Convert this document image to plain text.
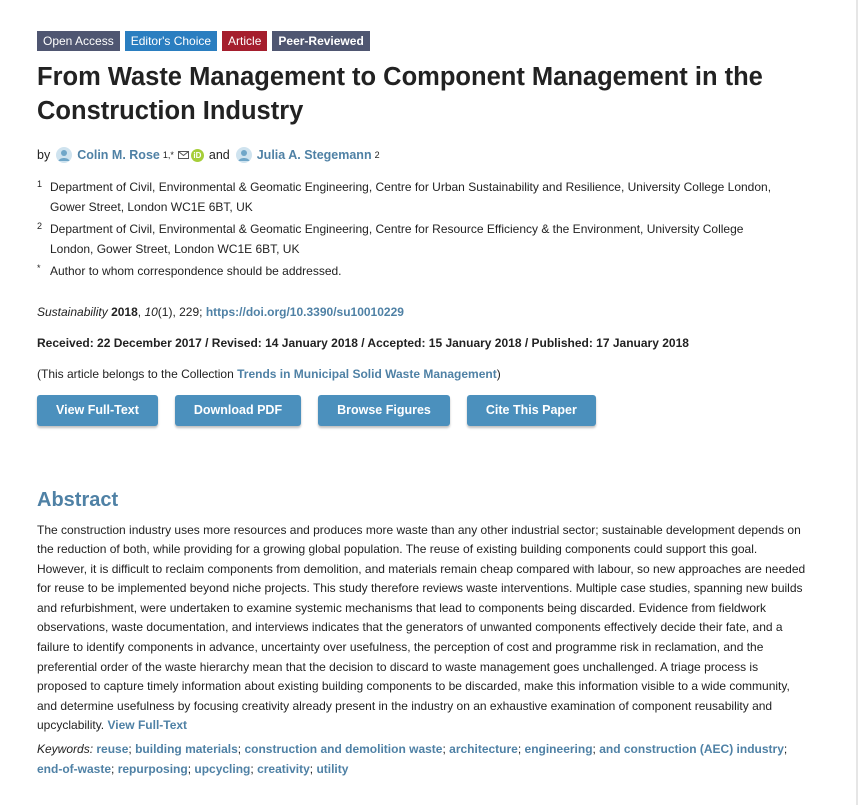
Open Access	Editor's Choice	Article	Peer-Reviewed
From Waste Management to Component Management in the Construction Industry
by Colin M. Rose 1,*	iD and Julia A. Stegemann 2
1 Department of Civil, Environmental & Geomatic Engineering, Centre for Urban Sustainability and Resilience, University College London, Gower Street, London WC1E 6BT, UK
2 Department of Civil, Environmental & Geomatic Engineering, Centre for Resource Efficiency & the Environment, University College London, Gower Street, London WC1E 6BT, UK
* Author to whom correspondence should be addressed.
Sustainability 2018, 10(1), 229; https://doi.org/10.3390/su10010229
Received: 22 December 2017 / Revised: 14 January 2018 / Accepted: 15 January 2018 / Published: 17 January 2018
(This article belongs to the Collection Trends in Municipal Solid Waste Management)
View Full-Text	Download PDF	Browse Figures	Cite This Paper
Abstract
The construction industry uses more resources and produces more waste than any other industrial sector; sustainable development depends on the reduction of both, while providing for a growing global population. The reuse of existing building components could support this goal. However, it is difficult to reclaim components from demolition, and materials remain cheap compared with labour, so new approaches are needed for reuse to be implemented beyond niche projects. This study therefore reviews waste interventions. Multiple case studies, spanning new builds and refurbishment, were undertaken to examine systemic mechanisms that lead to components being discarded. Evidence from fieldwork observations, waste documentation, and interviews indicates that the generators of unwanted components effectively decide their fate, and a failure to identify components in advance, uncertainty over usefulness, the perception of cost and programme risk in reclamation, and the preferential order of the waste hierarchy mean that the decision to discard to waste management goes unchallenged. A triage process is proposed to capture timely information about existing building components to be discarded, make this information visible to a wide community, and determine usefulness by focusing creativity already present in the industry on an exhaustive examination of component reusability and upcyclability. View Full-Text
Keywords: reuse; building materials; construction and demolition waste; architecture; engineering; and construction (AEC) industry; end-of-waste; repurposing; upcycling; creativity; utility
